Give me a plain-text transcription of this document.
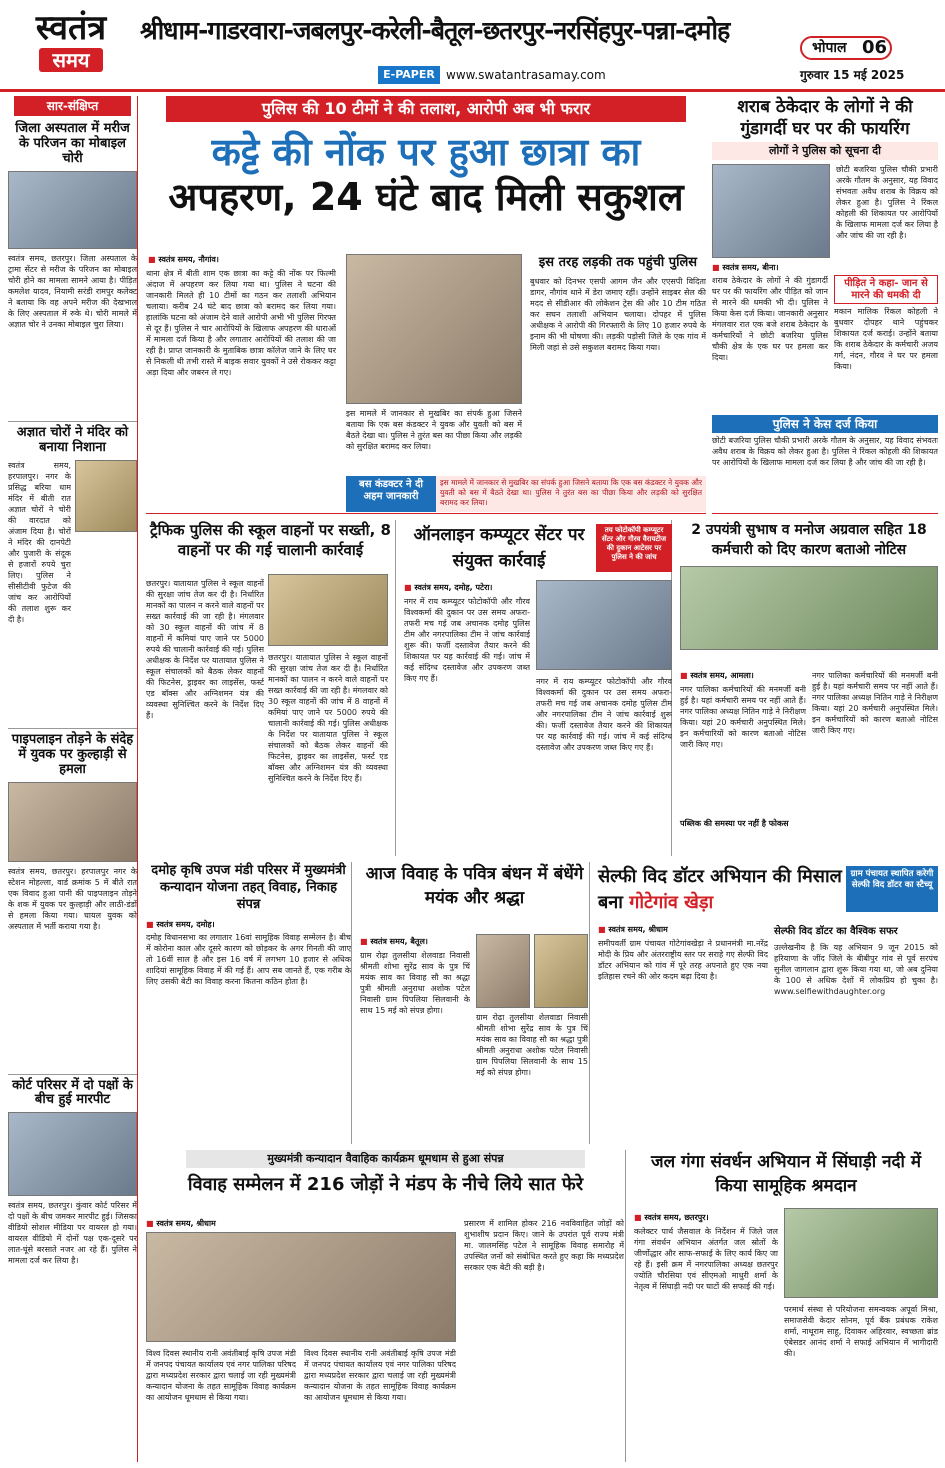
स्वतंत्र
समय
श्रीधाम-गाडरवारा-जबलपुर-करेली-बैतूल-छतरपुर-नरसिंहपुर-पन्ना-दमोह
भोपाल 06
E-PAPER www.swatantrasamay.com	गुरुवार 15 मई 2025
सार-संक्षिप्त
जिला अस्पताल में मरीज के परिजन का मोबाइल चोरी
स्वतंत्र समय, छतरपुर। जिला अस्पताल के ट्रामा सेंटर से मरीज के परिजन का मोबाइल चोरी होने का मामला सामने आया है। पीड़ित कमलेश यादव, नियामी सरंडी रामपुर कलेक्ट ने बताया कि वह अपने मरीज की देखभाल के लिए अस्पताल में रुके थे। चोरी मामले में अज्ञात चोर ने उनका मोबाइल चुरा लिया।
अज्ञात चोरों ने मंदिर को बनाया निशाना
स्वतंत्र समय, हरपालपुर। नगर के प्रसिद्ध बरिया धाम मंदिर में बीती रात अज्ञात चोरों ने चोरी की वारदात को अंजाम दिया है। चोरों ने मंदिर की दानपेटी और पुजारी के संदूक से हजारों रुपये चुरा लिए। पुलिस ने सीसीटीवी फुटेज की जांच कर आरोपियों की तलाश शुरू कर दी है।
पाइपलाइन तोड़ने के संदेह में युवक पर कुल्हाड़ी से हमला
स्वतंत्र समय, छतरपुर। हरपालपुर नगर के स्टेशन मोहल्ला, वार्ड क्रमांक 5 में बीते रात एक विवाद हुआ पानी की पाइपलाइन तोड़ने के शक में युवक पर कुल्हाड़ी और लाठी-डंडों से हमला किया गया। घायल युवक को अस्पताल में भर्ती कराया गया है।
कोर्ट परिसर में दो पक्षों के बीच हुई मारपीट
स्वतंत्र समय, छतरपुर। कुंवार कोर्ट परिसर में दो पक्षों के बीच जमकर मारपीट हुई। जिसका वीडियो सोशल मीडिया पर वायरल हो गया। वायरल वीडियो में दोनों पक्ष एक-दूसरे पर लात-घूंसे बरसाते नजर आ रहे हैं। पुलिस ने मामला दर्ज कर लिया है।
पुलिस की 10 टीमों ने की तलाश, आरोपी अब भी फरार
कट्टे की नोंक पर हुआ छात्रा का
अपहरण, 24 घंटे बाद मिली सकुशल
■ स्वतंत्र समय, नौगांव।
थाना क्षेत्र में बीती शाम एक छात्रा का कट्टे की नोंक पर फिल्मी अंदाज में अपहरण कर लिया गया था। पुलिस ने घटना की जानकारी मिलते ही 10 टीमों का गठन कर तलाशी अभियान चलाया। करीब 24 घंटे बाद छात्रा को बरामद कर लिया गया। हालांकि घटना को अंजाम देने वाले आरोपी अभी भी पुलिस गिरफ्त से दूर हैं। पुलिस ने चार आरोपियों के खिलाफ अपहरण की धाराओं में मामला दर्ज किया है और लगातार आरोपियों की तलाश की जा रही है। प्राप्त जानकारी के मुताबिक छात्रा कॉलेज जाने के लिए घर से निकली थी तभी रास्ते में बाइक सवार युवकों ने उसे रोककर कट्टा अड़ा दिया और जबरन ले गए।
इस मामले में जानकार से मुखबिर का संपर्क हुआ जिसने बताया कि एक बस कंडक्टर ने युवक और युवती को बस में बैठते देखा था। पुलिस ने तुरंत बस का पीछा किया और लड़की को सुरक्षित बरामद कर लिया।
इस तरह लड़की तक पहुंची पुलिस
बुधवार को दिनभर एसपी आगम जैन और एएसपी विदिता डागर, नौगांव थाने में डेरा जमाए रहीं। उन्होंने साइबर सेल की मदद से सीडीआर की लोकेशन ट्रेस की और 10 टीम गठित कर सघन तलाशी अभियान चलाया। दोपहर में पुलिस अधीक्षक ने आरोपी की गिरफ्तारी के लिए 10 हजार रुपये के इनाम की भी घोषणा की। लड़की पड़ोसी जिले के एक गांव में मिली जहां से उसे सकुशल बरामद किया गया।
बस कंडक्टर ने दी अहम जानकारी
इस मामले में जानकार से मुखबिर का संपर्क हुआ जिसने बताया कि एक बस कंडक्टर ने युवक और युवती को बस में बैठते देखा था। पुलिस ने तुरंत बस का पीछा किया और लड़की को सुरक्षित बरामद कर लिया।
शराब ठेकेदार के लोगों ने की गुंडागर्दी घर पर की फायरिंग
लोगों ने पुलिस को सूचना दी
छोटी बजरिया पुलिस चौकी प्रभारी अरके गौतम के अनुसार, यह विवाद संभवतः अवैध शराब के विक्रय को लेकर हुआ है। पुलिस ने रिंकल कोहली की शिकायत पर आरोपियों के खिलाफ मामला दर्ज कर लिया है और जांच की जा रही है।
■ स्वतंत्र समय, बीना।
शराब ठेकेदार के लोगों ने की गुंडागर्दी घर पर की फायरिंग और पीड़ित को जान से मारने की धमकी भी दी। पुलिस ने किया केस दर्ज किया। जानकारी अनुसार मंगलवार रात एक बजे शराब ठेकेदार के कर्मचारियों ने छोटी बजरिया पुलिस चौकी क्षेत्र के एक घर पर हमला कर दिया।
पीड़ित ने कहा- जान से मारने की धमकी दी
मकान मालिक रिंकल कोहली ने बुधवार दोपहर थाने पहुंचकर शिकायत दर्ज कराई। उन्होंने बताया कि शराब ठेकेदार के कर्मचारी अजय गर्ग, नंदन, गौरव ने घर पर हमला किया।
पुलिस ने केस दर्ज किया
छोटी बजरिया पुलिस चौकी प्रभारी अरके गौतम के अनुसार, यह विवाद संभवतः अवैध शराब के विक्रय को लेकर हुआ है। पुलिस ने रिंकल कोहली की शिकायत पर आरोपियों के खिलाफ मामला दर्ज कर लिया है और जांच की जा रही है।
ट्रैफिक पुलिस की स्कूल वाहनों पर सख्ती, 8 वाहनों पर की गई चालानी कार्रवाई
छतरपुर। यातायात पुलिस ने स्कूल वाहनों की सुरक्षा जांच तेज कर दी है। निर्धारित मानकों का पालन न करने वाले वाहनों पर सख्त कार्रवाई की जा रही है। मंगलवार को 30 स्कूल वाहनों की जांच में 8 वाहनों में कमियां पाए जाने पर 5000 रुपये की चालानी कार्रवाई की गई। पुलिस अधीक्षक के निर्देश पर यातायात पुलिस ने स्कूल संचालकों को बैठक लेकर वाहनों की फिटनेस, ड्राइवर का लाइसेंस, फर्स्ट एड बॉक्स और अग्निशमन यंत्र की व्यवस्था सुनिश्चित करने के निर्देश दिए हैं।
छतरपुर। यातायात पुलिस ने स्कूल वाहनों की सुरक्षा जांच तेज कर दी है। निर्धारित मानकों का पालन न करने वाले वाहनों पर सख्त कार्रवाई की जा रही है। मंगलवार को 30 स्कूल वाहनों की जांच में 8 वाहनों में कमियां पाए जाने पर 5000 रुपये की चालानी कार्रवाई की गई। पुलिस अधीक्षक के निर्देश पर यातायात पुलिस ने स्कूल संचालकों को बैठक लेकर वाहनों की फिटनेस, ड्राइवर का लाइसेंस, फर्स्ट एड बॉक्स और अग्निशमन यंत्र की व्यवस्था सुनिश्चित करने के निर्देश दिए हैं।
ऑनलाइन कम्प्यूटर सेंटर पर संयुक्त कार्रवाई
तय फोटोकॉपी कम्प्यूटर सेंटर और गौरव वैरायटीज की दुकान आटेसर पर पुलिस ने की जांच
■ स्वतंत्र समय, दमोह, पटेरा।
नगर में राय कम्प्यूटर फोटोकॉपी और गौरव विश्वकर्मा की दुकान पर उस समय अफरा-तफरी मच गई जब अचानक दमोह पुलिस टीम और नगरपालिका टीम ने जांच कार्रवाई शुरू की। फर्जी दस्तावेज तैयार करने की शिकायत पर यह कार्रवाई की गई। जांच में कई संदिग्ध दस्तावेज और उपकरण जब्त किए गए हैं।	नगर में राय कम्प्यूटर फोटोकॉपी और गौरव विश्वकर्मा की दुकान पर उस समय अफरा-तफरी मच गई जब अचानक दमोह पुलिस टीम और नगरपालिका टीम ने जांच कार्रवाई शुरू की। फर्जी दस्तावेज तैयार करने की शिकायत पर यह कार्रवाई की गई। जांच में कई संदिग्ध दस्तावेज और उपकरण जब्त किए गए हैं।
2 उपयंत्री सुभाष व मनोज अग्रवाल सहित 18 कर्मचारी को दिए कारण बताओ नोटिस
■ स्वतंत्र समय, आमला।
नगर पालिका कर्मचारियों की मनमर्जी बनी हुई है। यहां कर्मचारी समय पर नहीं आते हैं। नगर पालिका अध्यक्ष नितिन गाड़े ने निरीक्षण किया। यहां 20 कर्मचारी अनुपस्थित मिले। इन कर्मचारियों को कारण बताओ नोटिस जारी किए गए।
पब्लिक की समस्या पर नहीं है फोकस
नगर पालिका कर्मचारियों की मनमर्जी बनी हुई है। यहां कर्मचारी समय पर नहीं आते हैं। नगर पालिका अध्यक्ष नितिन गाड़े ने निरीक्षण किया। यहां 20 कर्मचारी अनुपस्थित मिले। इन कर्मचारियों को कारण बताओ नोटिस जारी किए गए।
दमोह कृषि उपज मंडी परिसर में मुख्यमंत्री कन्यादान योजना तहत् विवाह, निकाह संपन्न
■ स्वतंत्र समय, दमोह।
दमोह विधानसभा का लगातार 16वां सामूहिक विवाह सम्मेलन है। बीच में कोरोना काल और दूसरे कारण को छोड़कर के अगर गिनती की जाए तो 16वीं साल है और इस 16 वर्ष में लगभग 10 हजार से अधिक शादियां सामूहिक विवाह में की गई हैं। आप सब जानते हैं, एक गरीब के लिए उसकी बेटी का विवाह करना कितना कठिन होता है।
आज विवाह के पवित्र बंधन में बंधेंगे मयंक और श्रद्धा
■ स्वतंत्र समय, बैतूल।
ग्राम रोढ़ा तुलसीया शेलवाडा निवासी श्रीमती शोभा सुरेंद्र साव के पुत्र चिं मयंक साव का विवाह सौ का श्रद्धा पुत्री श्रीमती अनुराधा अशोक पटेल निवासी ग्राम पिपलिया सिलवानी के साथ 15 मई को संपन्न होगा।
ग्राम रोढ़ा तुलसीया शेलवाडा निवासी श्रीमती शोभा सुरेंद्र साव के पुत्र चिं मयंक साव का विवाह सौ का श्रद्धा पुत्री श्रीमती अनुराधा अशोक पटेल निवासी ग्राम पिपलिया सिलवानी के साथ 15 मई को संपन्न होगा।
सेल्फी विद डॉटर अभियान की मिसाल बना गोटेगांव खेड़ा
ग्राम पंचायत स्थापित करेगी सेल्फी विद डॉटर का स्टैच्यू
■ स्वतंत्र समय, श्रीधाम
समीपवर्ती ग्राम पंचायत गोटेगांवखेड़ा ने प्रधानमंत्री मा.नरेंद्र मोदी के प्रिय और अंतरराष्ट्रीय स्तर पर सराहे गए सेल्फी विद डॉटर अभियान को गांव में पूरे तरह अपनाते हुए एक नया इतिहास रचने की ओर कदम बढ़ा दिया है।
सेल्फी विद डॉटर का वैश्विक सफर
उल्लेखनीय है कि यह अभियान 9 जून 2015 को हरियाणा के जींद जिले के बीबीपुर गांव से पूर्व सरपंच सुनील जागलान द्वारा शुरू किया गया था, जो अब दुनिया के 100 से अधिक देशों में लोकप्रिय हो चुका है। www.selfiewithdaughter.org
मुख्यमंत्री कन्यादान वैवाहिक कार्यक्रम धूमधाम से हुआ संपन्न
विवाह सम्मेलन में 216 जोड़ों ने मंडप के नीचे लिये सात फेरे
■ स्वतंत्र समय, श्रीधाम
विश्व दिवस स्थानीय रानी अवंतीबाई कृषि उपज मंडी में जनपद पंचायत कार्यालय एवं नगर पालिका परिषद द्वारा मध्यप्रदेश सरकार द्वारा चलाई जा रही मुख्यमंत्री कन्यादान योजना के तहत सामूहिक विवाह कार्यक्रम का आयोजन धूमधाम से किया गया।
विश्व दिवस स्थानीय रानी अवंतीबाई कृषि उपज मंडी में जनपद पंचायत कार्यालय एवं नगर पालिका परिषद द्वारा मध्यप्रदेश सरकार द्वारा चलाई जा रही मुख्यमंत्री कन्यादान योजना के तहत सामूहिक विवाह कार्यक्रम का आयोजन धूमधाम से किया गया।
प्रसारण में शामिल होकर 216 नवविवाहित जोड़ों को शुभाशीष प्रदान किए। जाने के उपरांत पूर्व राज्य मंत्री मा. जालमसिंह पटेल ने सामूहिक विवाह समारोह में उपस्थित जनों को संबोधित करते हुए कहा कि मध्यप्रदेश सरकार एक बेटी की बड़ी है।
जल गंगा संवर्धन अभियान में सिंघाड़ी नदी में किया सामूहिक श्रमदान
■ स्वतंत्र समय, छतरपुर।
कलेक्टर पार्थ जैसवाल के निर्देशन में जिले जल गंगा संवर्धन अभियान अंतर्गत जल स्रोतों के जीर्णोद्धार और साफ-सफाई के लिए कार्य किए जा रहे हैं। इसी क्रम में नगरपालिका अध्यक्ष छतरपुर ज्योति चौरसिया एवं सीएमओ माधुरी शर्मा के नेतृत्व में सिंघाड़ी नदी पर घाटों की सफाई की गई।
परमार्थ संस्था से परियोजना समन्वयक अपूर्वा मिश्रा, समाजसेवी केदार सोनम, पूर्व बैंक प्रबंधक राकेश शर्मा, नाथूराम साहू, दिवाकर अहिरवार, स्वच्छता ब्रांड एंबेसडर आनंद शर्मा ने सफाई अभियान में भागीदारी की।
